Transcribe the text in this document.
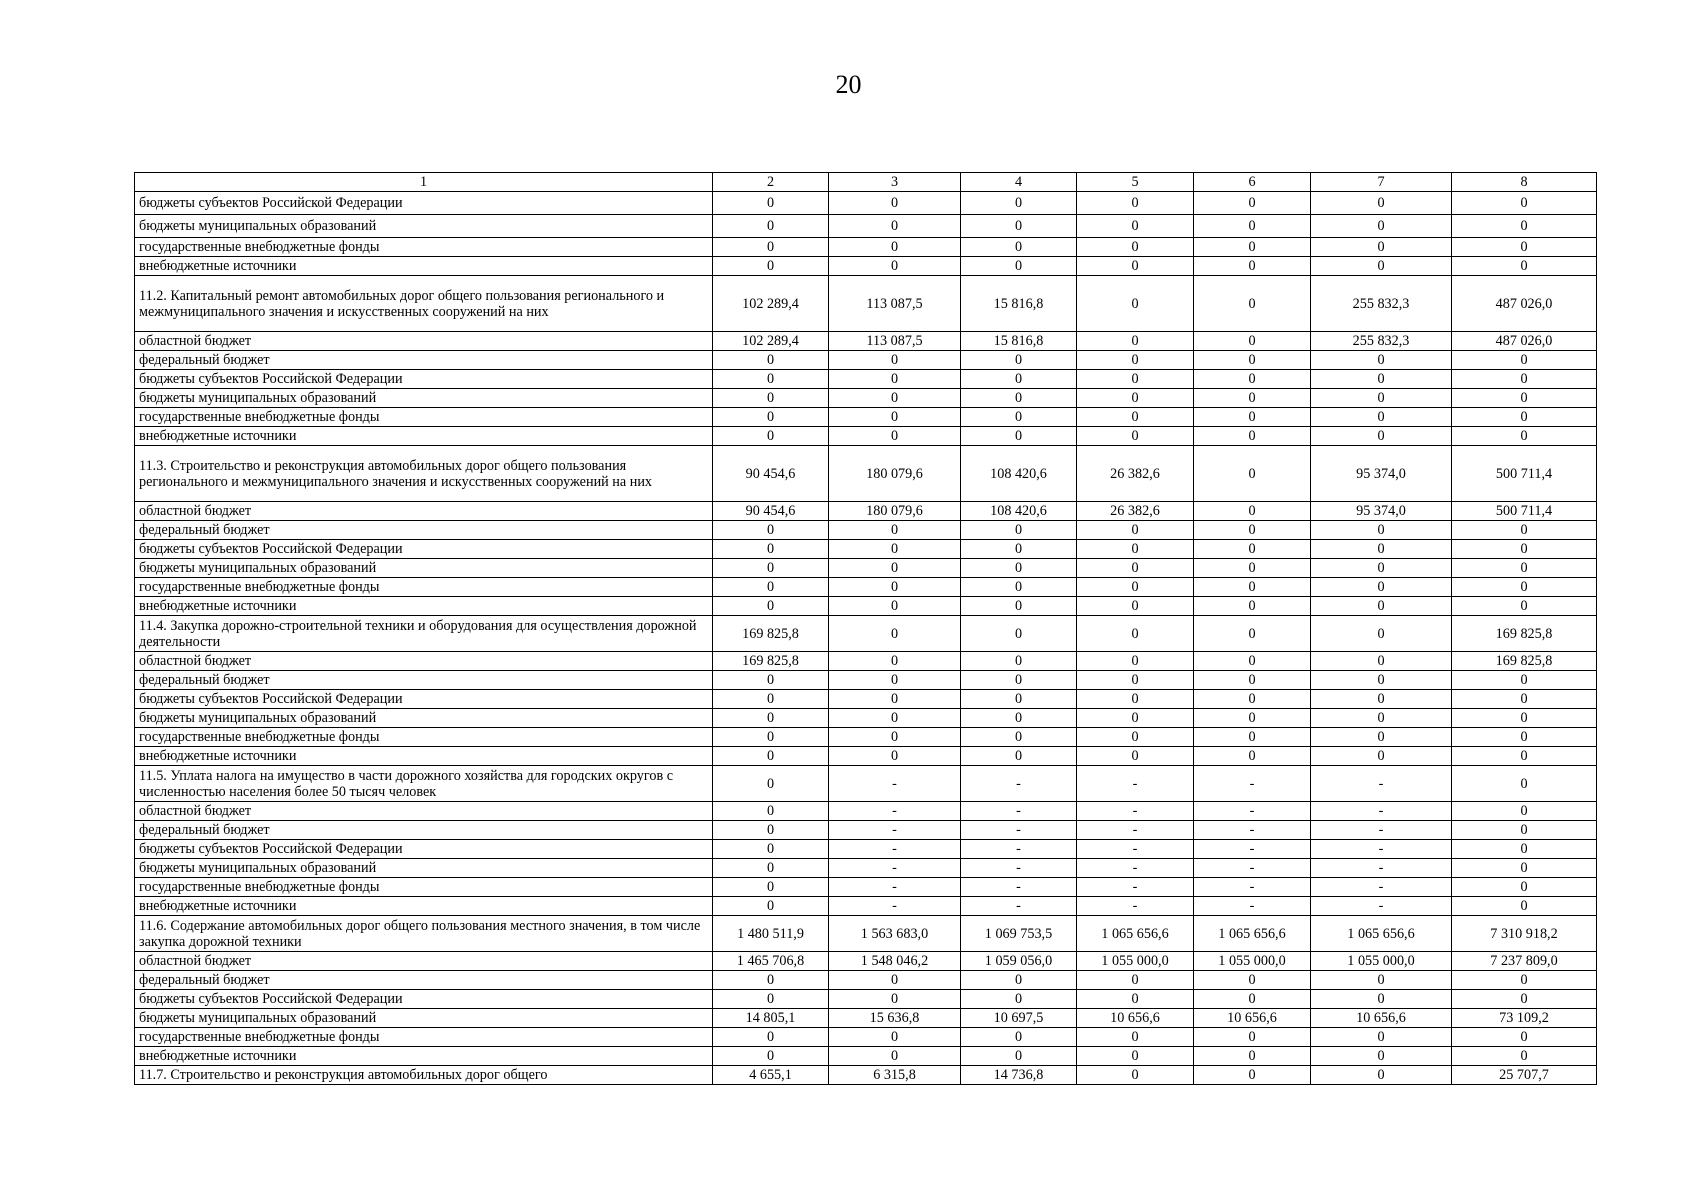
20
1	2	3	4	5	6	7	8
бюджеты субъектов Российской Федерации	0	0	0	0	0	0	0
бюджеты муниципальных образований	0	0	0	0	0	0	0
государственные внебюджетные фонды	0	0	0	0	0	0	0
внебюджетные источники	0	0	0	0	0	0	0
11.2. Капитальный ремонт автомобильных дорог общего пользования регионального и межмуниципального значения и искусственных сооружений на них	102 289,4	113 087,5	15 816,8	0	0	255 832,3	487 026,0
областной бюджет	102 289,4	113 087,5	15 816,8	0	0	255 832,3	487 026,0
федеральный бюджет	0	0	0	0	0	0	0
бюджеты субъектов Российской Федерации	0	0	0	0	0	0	0
бюджеты муниципальных образований	0	0	0	0	0	0	0
государственные внебюджетные фонды	0	0	0	0	0	0	0
внебюджетные источники	0	0	0	0	0	0	0
11.3. Строительство и реконструкция автомобильных дорог общего пользования регионального и межмуниципального значения и искусственных сооружений на них	90 454,6	180 079,6	108 420,6	26 382,6	0	95 374,0	500 711,4
областной бюджет	90 454,6	180 079,6	108 420,6	26 382,6	0	95 374,0	500 711,4
федеральный бюджет	0	0	0	0	0	0	0
бюджеты субъектов Российской Федерации	0	0	0	0	0	0	0
бюджеты муниципальных образований	0	0	0	0	0	0	0
государственные внебюджетные фонды	0	0	0	0	0	0	0
внебюджетные источники	0	0	0	0	0	0	0
11.4. Закупка дорожно-строительной техники и оборудования для осуществления дорожной деятельности	169 825,8	0	0	0	0	0	169 825,8
областной бюджет	169 825,8	0	0	0	0	0	169 825,8
федеральный бюджет	0	0	0	0	0	0	0
бюджеты субъектов Российской Федерации	0	0	0	0	0	0	0
бюджеты муниципальных образований	0	0	0	0	0	0	0
государственные внебюджетные фонды	0	0	0	0	0	0	0
внебюджетные источники	0	0	0	0	0	0	0
11.5. Уплата налога на имущество в части дорожного хозяйства для городских округов с численностью населения более 50 тысяч человек	0	-	-	-	-	-	0
областной бюджет	0	-	-	-	-	-	0
федеральный бюджет	0	-	-	-	-	-	0
бюджеты субъектов Российской Федерации	0	-	-	-	-	-	0
бюджеты муниципальных образований	0	-	-	-	-	-	0
государственные внебюджетные фонды	0	-	-	-	-	-	0
внебюджетные источники	0	-	-	-	-	-	0
11.6. Содержание автомобильных дорог общего пользования местного значения, в том числе закупка дорожной техники	1 480 511,9	1 563 683,0	1 069 753,5	1 065 656,6	1 065 656,6	1 065 656,6	7 310 918,2
областной бюджет	1 465 706,8	1 548 046,2	1 059 056,0	1 055 000,0	1 055 000,0	1 055 000,0	7 237 809,0
федеральный бюджет	0	0	0	0	0	0	0
бюджеты субъектов Российской Федерации	0	0	0	0	0	0	0
бюджеты муниципальных образований	14 805,1	15 636,8	10 697,5	10 656,6	10 656,6	10 656,6	73 109,2
государственные внебюджетные фонды	0	0	0	0	0	0	0
внебюджетные источники	0	0	0	0	0	0	0
11.7. Строительство и реконструкция автомобильных дорог общего	4 655,1	6 315,8	14 736,8	0	0	0	25 707,7
